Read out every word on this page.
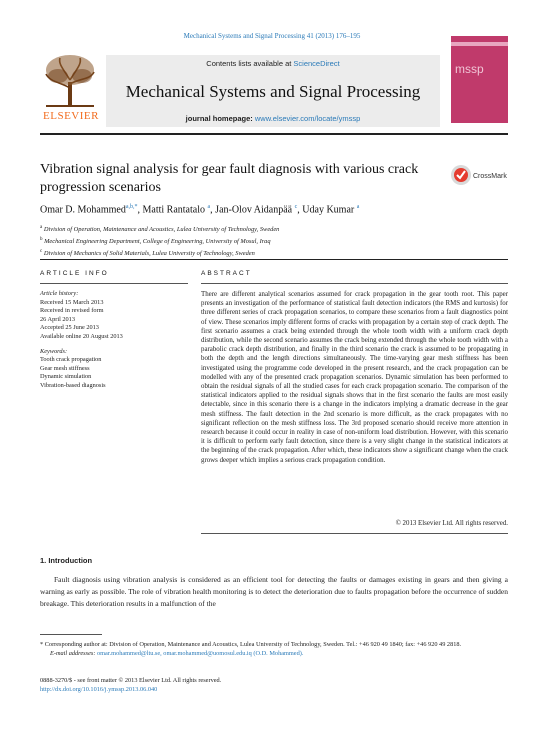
Mechanical Systems and Signal Processing 41 (2013) 176–195
ELSEVIER
Contents lists available at ScienceDirect
Mechanical Systems and Signal Processing
journal homepage: www.elsevier.com/locate/ymssp
mssp
Vibration signal analysis for gear fault diagnosis with various crack progression scenarios
CrossMark
Omar D. Mohammed$^{a,b,*}$, Matti Rantatalo $^a$, Jan-Olov Aidanpää $^c$, Uday Kumar $^a$
$^a$ Division of Operation, Maintenance and Acoustics, Lulea University of Technology, Sweden
$^b$ Mechanical Engineering Department, College of Engineering, University of Mosul, Iraq
$^c$ Division of Mechanics of Solid Materials, Lulea University of Technology, Sweden
ARTICLE INFO	ABSTRACT
Article history:
Received 15 March 2013
Received in revised form
26 April 2013
Accepted 25 June 2013
Available online 20 August 2013
Keywords:
Tooth crack propagation
Gear mesh stiffness
Dynamic simulation
Vibration-based diagnosis
There are different analytical scenarios assumed for crack propagation in the gear tooth root. This paper presents an investigation of the performance of statistical fault detection indicators (the RMS and kurtosis) for three different series of crack propagation scenarios, to compare these scenarios from a fault diagnostics point of view. These scenarios imply different forms of cracks with propagation by a certain step of crack depth. The first scenario assumes a crack being extended through the whole tooth width with a uniform crack depth distribution, while the second scenario assumes the crack being extended through the whole tooth width with a parabolic crack depth distribution, and finally in the third scenario the crack is assumed to be propagating in both the depth and the length directions simultaneously. The time-varying gear mesh stiffness has been investigated using the programme code developed in the present research, and the crack propagation can be modelled with any of the presented crack propagation scenarios. Dynamic simulation has been performed to obtain the residual signals of all the studied cases for each crack propagation scenario. The comparison of the statistical indicators applied to the residual signals shows that in the first scenario the faults are most easily detectable, since in this scenario there is a change in the indicators implying a dramatic decrease in the gear mesh stiffness. The fault detection in the 2nd scenario is more difficult, as the crack propagates with no significant reflection on the mesh stiffness loss. The 3rd proposed scenario should receive more attention in research because it could occur in reality in case of non-uniform load distribution. However, with this scenario it is difficult to perform early fault detection, since there is a very slight change in the statistical indicators at the beginning of the crack propagation. After which, these indicators show a significant change when the crack grows deeper which implies a serious crack propagation condition.
© 2013 Elsevier Ltd. All rights reserved.
1. Introduction
Fault diagnosis using vibration analysis is considered as an efficient tool for detecting the faults or damages existing in gears and then giving a warning as early as possible. The role of vibration health monitoring is to detect the deterioration due to faults propagation before the occurrence of sudden breakage. This deterioration results in a malfunction of the
* Corresponding author at: Division of Operation, Maintenance and Acoustics, Lulea University of Technology, Sweden. Tel.: +46 920 49 1840; fax: +46 920 49 2818.
E-mail addresses: omar.mohammed@ltu.se, omar.mohammed@uomosul.edu.iq (O.D. Mohammed).
0888-3270/$ - see front matter © 2013 Elsevier Ltd. All rights reserved.
http://dx.doi.org/10.1016/j.ymssp.2013.06.040
